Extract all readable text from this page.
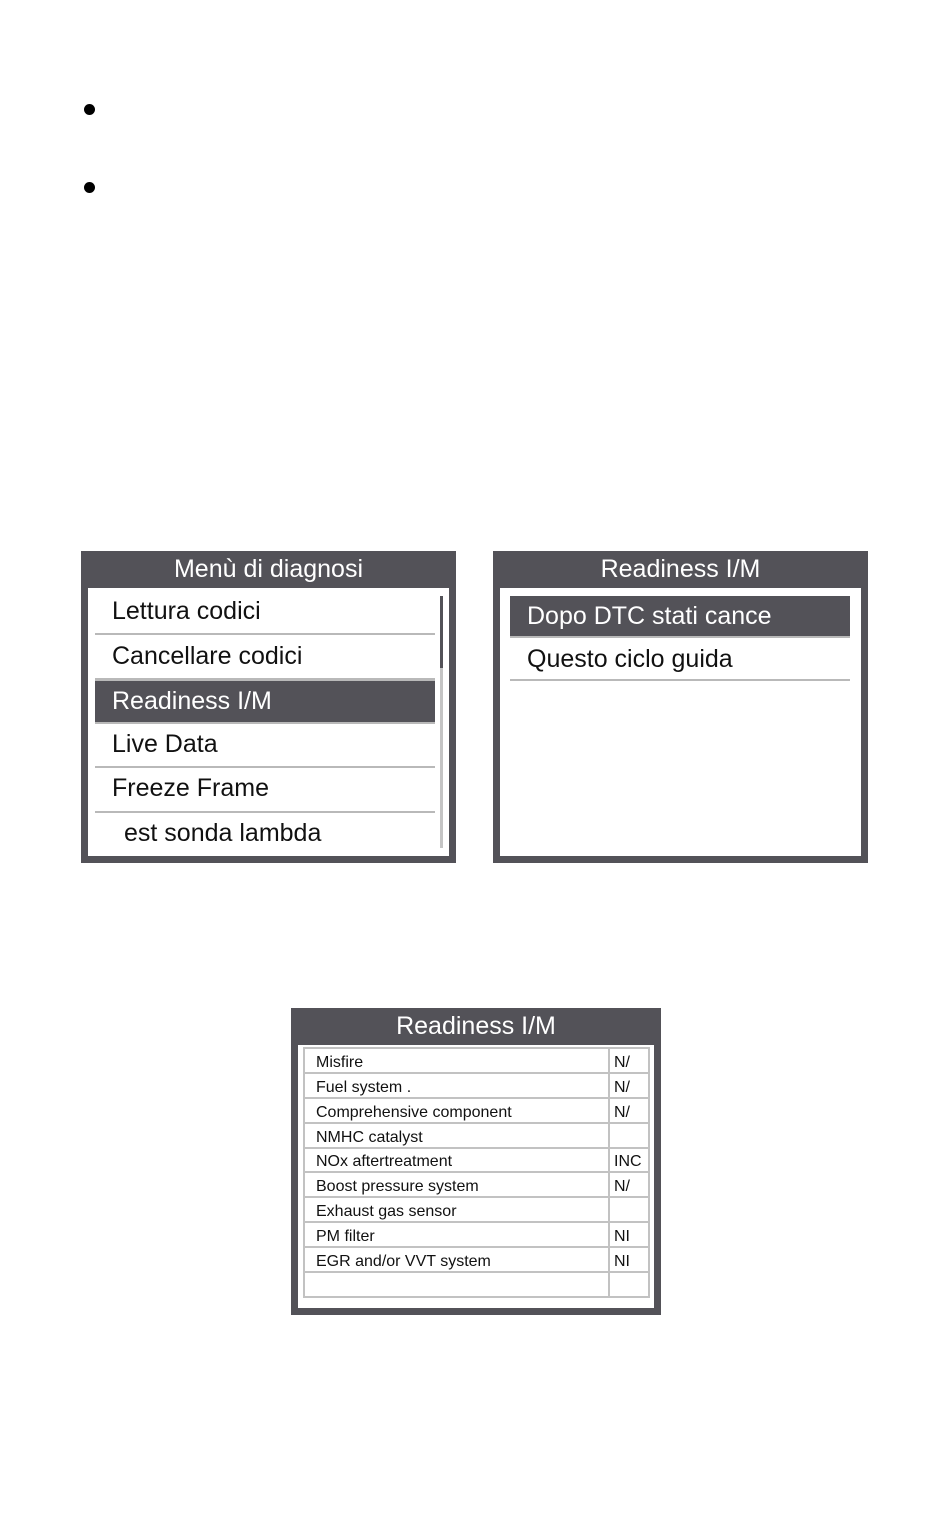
Menù di diagnosi
Lettura codici
Cancellare codici
Readiness I/M
Live Data
Freeze Frame
est sonda lambda
Readiness I/M
Dopo DTC stati cance
Questo ciclo guida
Readiness I/M
Misfire	N/
Fuel system .	N/
Comprehensive component	N/
NMHC catalyst	
NOx aftertreatment	INC
Boost pressure system	N/
Exhaust gas sensor	
PM filter	NI
EGR and/or VVT system	NI
